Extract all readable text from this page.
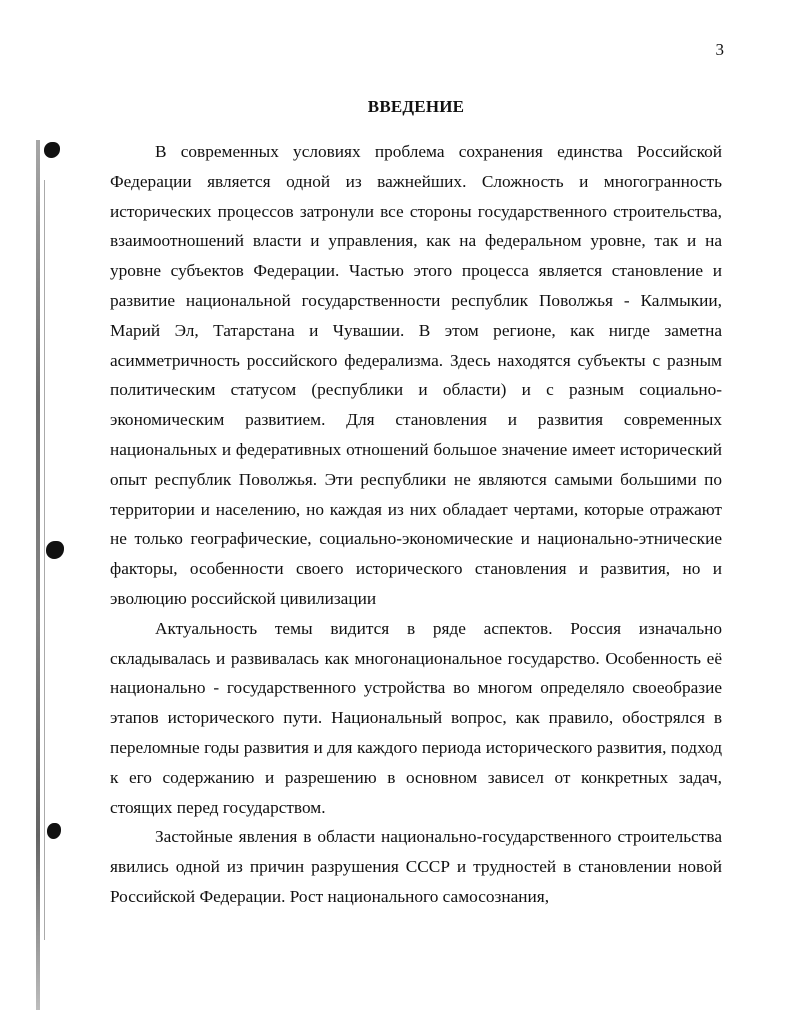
3
ВВЕДЕНИЕ

В современных условиях проблема сохранения единства Российской Федерации является одной из важнейших. Сложность и многогранность исторических процессов затронули все стороны государственного строительства, взаимоотношений власти и управления, как на федеральном уровне, так и на уровне субъектов Федерации. Частью этого процесса является становление и развитие национальной государственности республик Поволжья - Калмыкии, Марий Эл, Татарстана и Чувашии. В этом регионе, как нигде заметна асимметричность российского федерализма. Здесь находятся субъекты с разным политическим статусом (республики и области) и с разным социально-экономическим развитием. Для становления и развития современных национальных и федеративных отношений большое значение имеет исторический опыт республик Поволжья. Эти республики не являются самыми большими по территории и населению, но каждая из них обладает чертами, которые отражают не только географические, социально-экономические и национально-этнические факторы, особенности своего исторического становления и развития, но и эволюцию российской цивилизации

Актуальность темы видится в ряде аспектов. Россия изначально складывалась и развивалась как многонациональное государство. Особенность её национально - государственного устройства во многом определяло своеобразие этапов исторического пути. Национальный вопрос, как правило, обострялся в переломные годы развития и для каждого периода исторического развития, подход к его содержанию и разрешению в основном зависел от конкретных задач, стоящих перед государством.

Застойные явления в области национально-государственного строительства явились одной из причин разрушения СССР и трудностей в становлении новой Российской Федерации. Рост национального самосознания,
